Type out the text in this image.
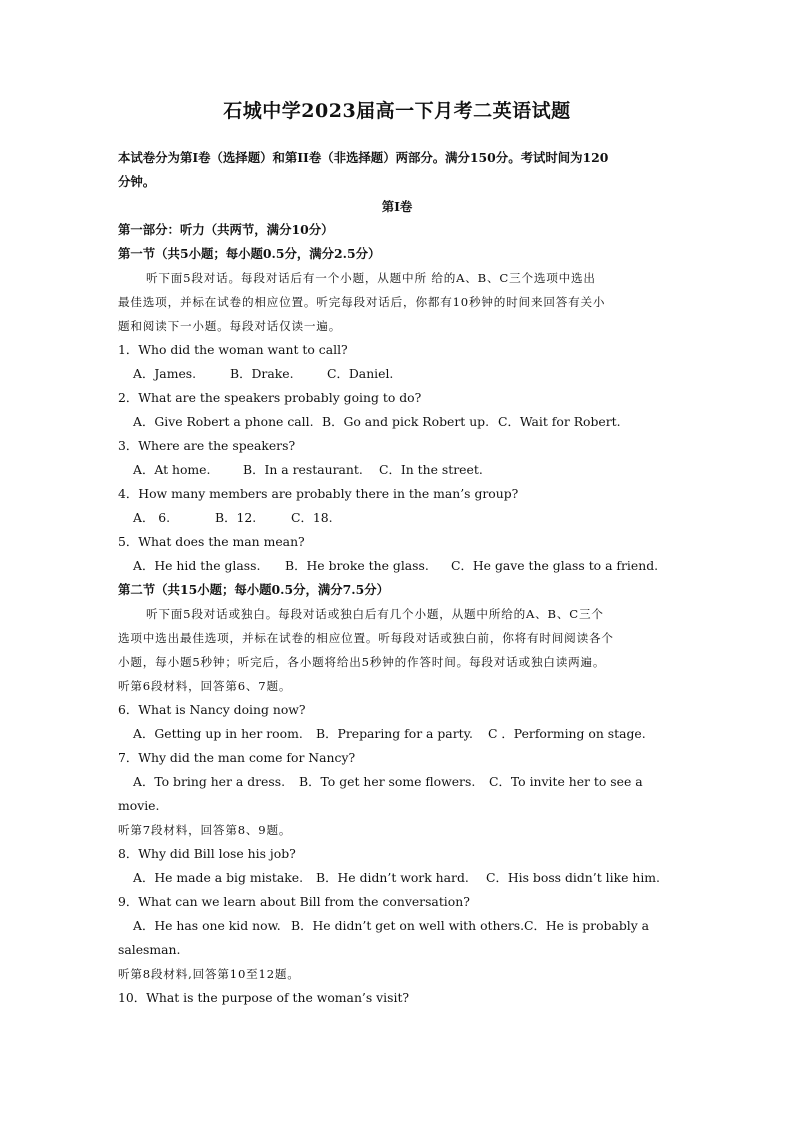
石城中学2023届高一下月考二英语试题
本试卷分为第I卷（选择题）和第II卷（非选择题）两部分。满分150分。考试时间为120
分钟。
第I卷
第一部分：听力（共两节，满分10分）
第一节（共5小题；每小题0.5分，满分2.5分）
听下面5段对话。每段对话后有一个小题，从题中所 给的A、B、C三个选项中选出
最佳选项，并标在试卷的相应位置。听完每段对话后，你都有10秒钟的时间来回答有关小
题和阅读下一小题。每段对话仅读一遍。
1．Who did the woman want to call?
A．James.	B．Drake.	C．Daniel.
2．What are the speakers probably going to do?
A．Give Robert a phone call. B．Go and pick Robert up. C．Wait for Robert.
3．Where are the speakers?
A．At home.	B．In a restaurant. C．In the street.
4．How many members are probably there in the man’s group?
A． 6.	B．12.	C．18.
5．What does the man mean?
A．He hid the glass. B．He broke the glass. C．He gave the glass to a friend.
第二节（共15小题；每小题0.5分，满分7.5分）
听下面5段对话或独白。每段对话或独白后有几个小题，从题中所给的A、B、C三个
选项中选出最佳选项，并标在试卷的相应位置。听每段对话或独白前，你将有时间阅读各个
小题，每小题5秒钟；听完后，各小题将给出5秒钟的作答时间。每段对话或独白读两遍。
听第6段材料，回答第6、7题。
6．What is Nancy doing now?
A．Getting up in her room. B．Preparing for a party. C ．Performing on stage.
7．Why did the man come for Nancy?
A．To bring her a dress. B．To get her some flowers. C．To invite her to see a
movie.
听第7段材料，回答第8、9题。
8．Why did Bill lose his job?
A．He made a big mistake. B．He didn’t work hard. C．His boss didn’t like him.
9．What can we learn about Bill from the conversation?
A．He has one kid now. B．He didn’t get on well with others.C．He is probably a
salesman.
听第8段材料,回答第10至12题。
10．What is the purpose of the woman’s visit?
